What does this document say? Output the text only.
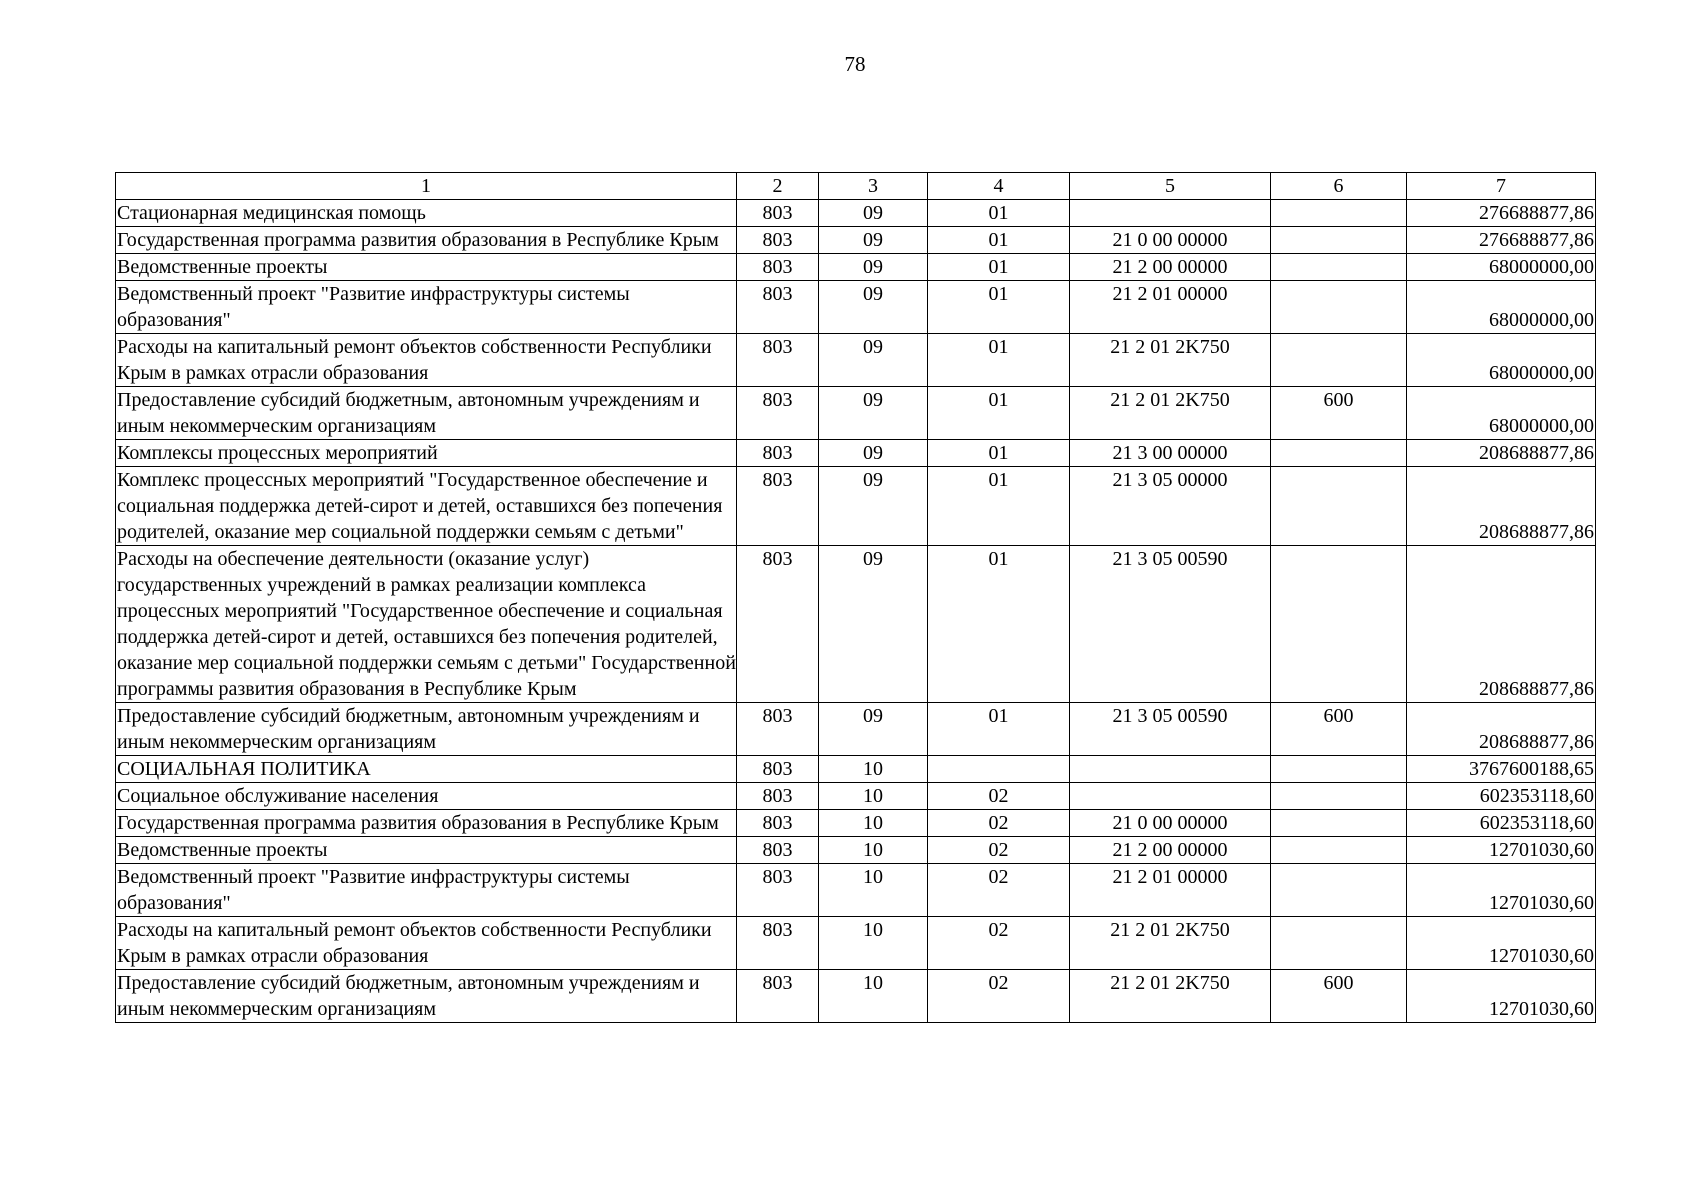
78
1	2	3	4	5	6	7
Стационарная медицинская помощь	803	09	01			276688877,86
Государственная программа развития образования в Республике Крым	803	09	01	21 0 00 00000		276688877,86
Ведомственные проекты	803	09	01	21 2 00 00000		68000000,00
Ведомственный проект "Развитие инфраструктуры системы образования"	803	09	01	21 2 01 00000		68000000,00
Расходы на капитальный ремонт объектов собственности Республики Крым в рамках отрасли образования	803	09	01	21 2 01 2K750		68000000,00
Предоставление субсидий бюджетным, автономным учреждениям и иным некоммерческим организациям	803	09	01	21 2 01 2K750	600	68000000,00
Комплексы процессных мероприятий	803	09	01	21 3 00 00000		208688877,86
Комплекс процессных мероприятий "Государственное обеспечение и социальная поддержка детей-сирот и детей, оставшихся без попечения родителей, оказание мер социальной поддержки семьям с детьми"	803	09	01	21 3 05 00000		208688877,86
Расходы на обеспечение деятельности (оказание услуг) государственных учреждений в рамках реализации комплекса процессных мероприятий "Государственное обеспечение и социальная поддержка детей-сирот и детей, оставшихся без попечения родителей, оказание мер социальной поддержки семьям с детьми" Государственной программы развития образования в Республике Крым	803	09	01	21 3 05 00590		208688877,86
Предоставление субсидий бюджетным, автономным учреждениям и иным некоммерческим организациям	803	09	01	21 3 05 00590	600	208688877,86
СОЦИАЛЬНАЯ ПОЛИТИКА	803	10				3767600188,65
Социальное обслуживание населения	803	10	02			602353118,60
Государственная программа развития образования в Республике Крым	803	10	02	21 0 00 00000		602353118,60
Ведомственные проекты	803	10	02	21 2 00 00000		12701030,60
Ведомственный проект "Развитие инфраструктуры системы образования"	803	10	02	21 2 01 00000		12701030,60
Расходы на капитальный ремонт объектов собственности Республики Крым в рамках отрасли образования	803	10	02	21 2 01 2K750		12701030,60
Предоставление субсидий бюджетным, автономным учреждениям и иным некоммерческим организациям	803	10	02	21 2 01 2K750	600	12701030,60
